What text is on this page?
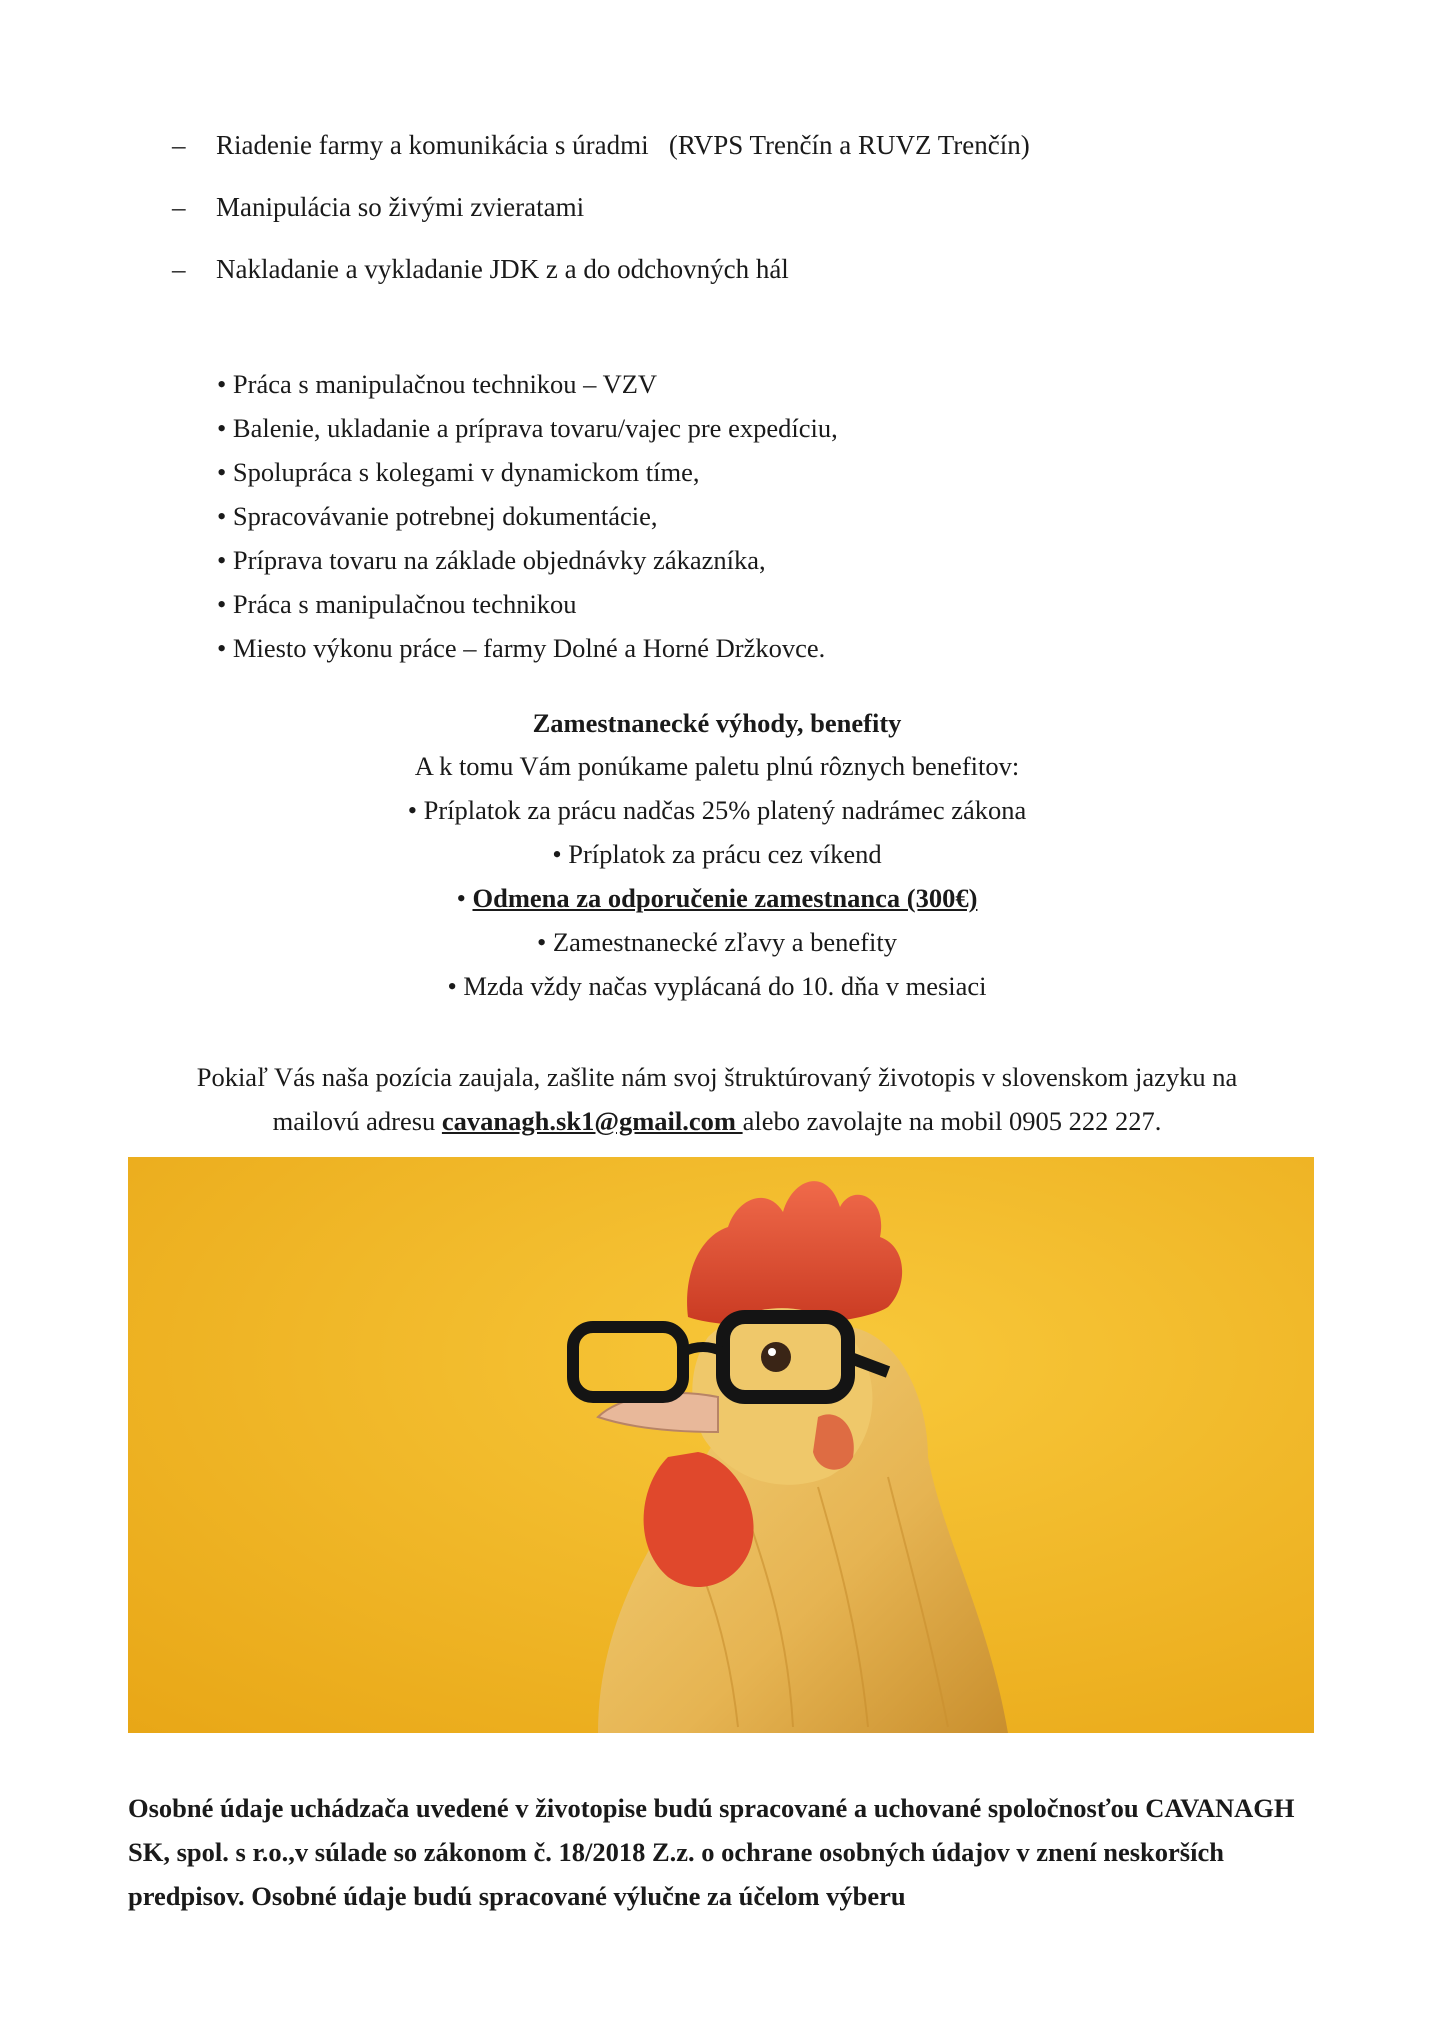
–	Riadenie farmy a komunikácia s úradmi   (RVPS Trenčín a RUVZ Trenčín)
–	Manipulácia so živými zvieratami
–	Nakladanie a vykladanie JDK z a do odchovných hál
• Práca s manipulačnou technikou – VZV
• Balenie, ukladanie a príprava tovaru/vajec pre expedíciu,
• Spolupráca s kolegami v dynamickom tíme,
• Spracovávanie potrebnej dokumentácie,
• Príprava tovaru na základe objednávky zákazníka,
• Práca s manipulačnou technikou
• Miesto výkonu práce – farmy Dolné a Horné Držkovce.
Zamestnanecké výhody, benefity
A k tomu Vám ponúkame paletu plnú rôznych benefitov:
• Príplatok za prácu nadčas 25% platený nadrámec zákona
• Príplatok za prácu cez víkend
• Odmena za odporučenie zamestnanca (300€)
• Zamestnanecké zľavy a benefity
• Mzda vždy načas vyplácaná do 10. dňa v mesiaci
Pokiaľ Vás naša pozícia zaujala, zašlite nám svoj štruktúrovaný životopis v slovenskom jazyku na
mailovú adresu cavanagh.sk1@gmail.com alebo zavolajte na mobil 0905 222 227.
Osobné údaje uchádzača uvedené v životopise budú spracované a uchované spoločnosťou CAVANAGH SK, spol. s r.o.,v súlade so zákonom č. 18/2018 Z.z. o ochrane osobných údajov v znení neskorších predpisov. Osobné údaje budú spracované výlučne za účelom výberu
